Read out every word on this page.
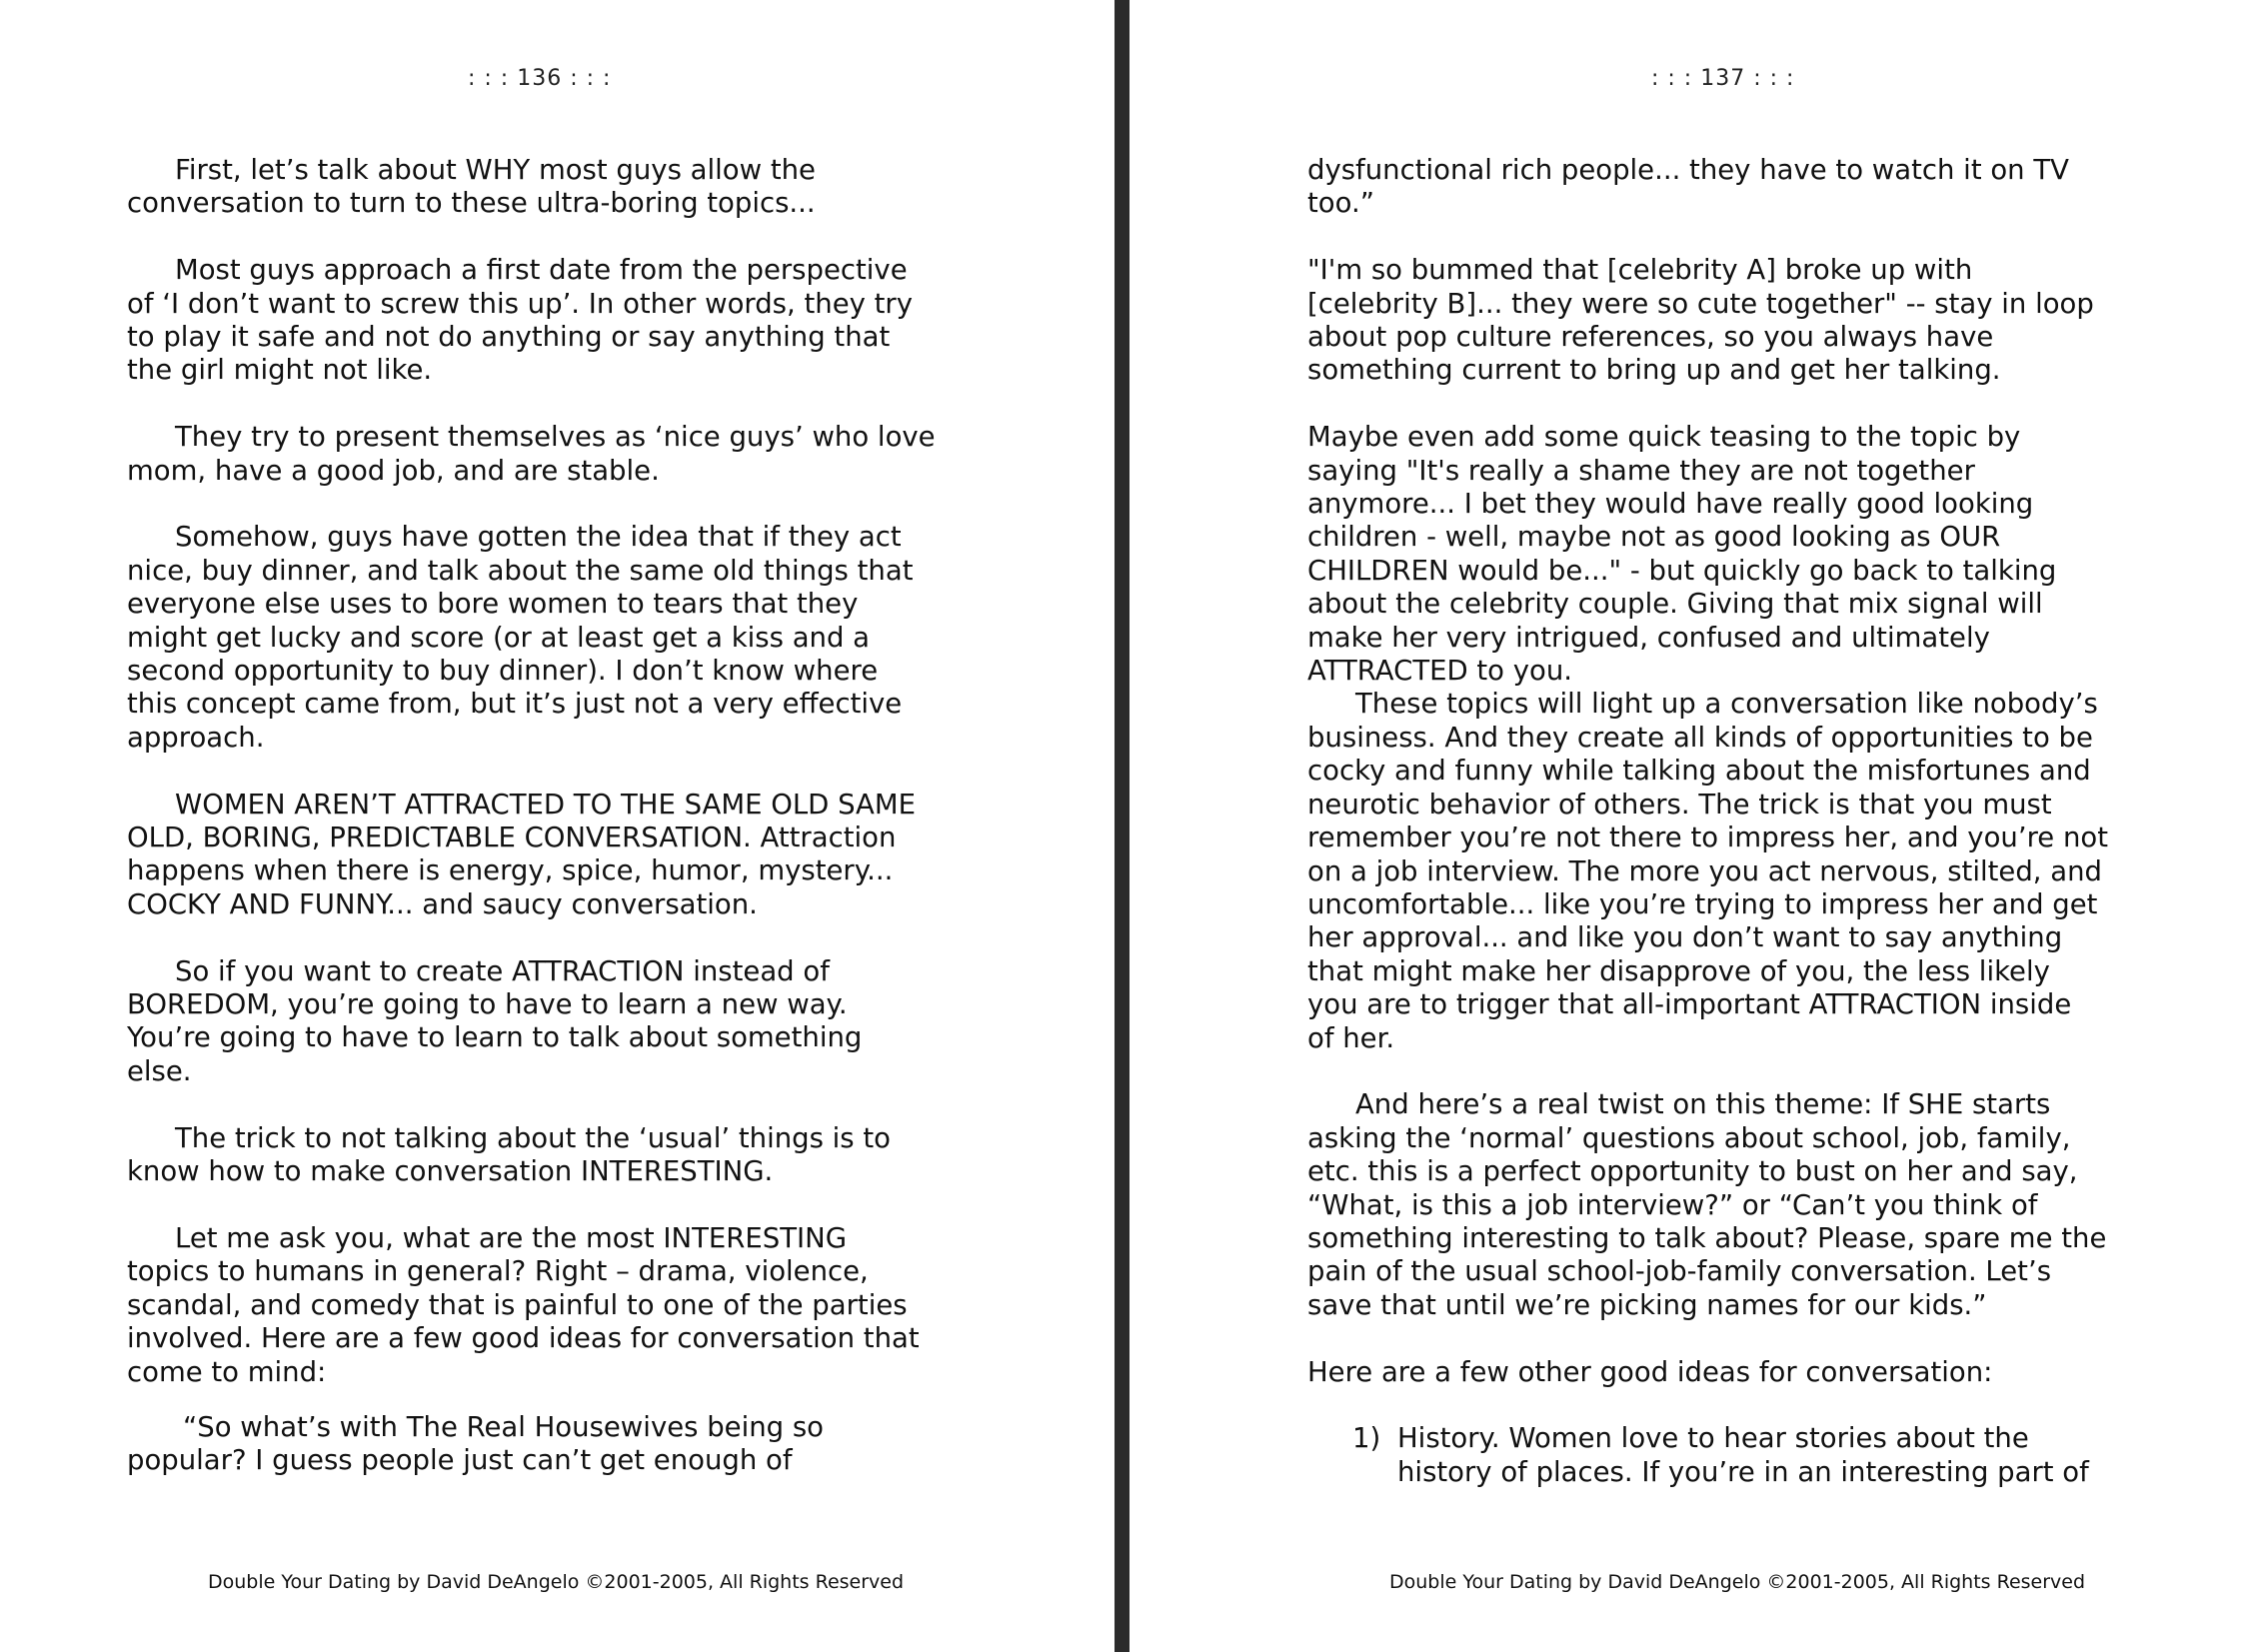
: : : 136 : : :

First, let’s talk about WHY most guys allow the

conversation to turn to these ultra-boring topics...

Most guys approach a first date from the perspective

of ‘I don’t want to screw this up’. In other words, they try

to play it safe and not do anything or say anything that

the girl might not like.

They try to present themselves as ‘nice guys’ who love

mom, have a good job, and are stable.

Somehow, guys have gotten the idea that if they act

nice, buy dinner, and talk about the same old things that

everyone else uses to bore women to tears that they

might get lucky and score (or at least get a kiss and a

second opportunity to buy dinner). I don’t know where

this concept came from, but it’s just not a very effective

approach.

WOMEN AREN’T ATTRACTED TO THE SAME OLD SAME

OLD, BORING, PREDICTABLE CONVERSATION. Attraction

happens when there is energy, spice, humor, mystery...

COCKY AND FUNNY... and saucy conversation.

So if you want to create ATTRACTION instead of

BOREDOM, you’re going to have to learn a new way.

You’re going to have to learn to talk about something

else.

The trick to not talking about the ‘usual’ things is to

know how to make conversation INTERESTING.

Let me ask you, what are the most INTERESTING

topics to humans in general? Right – drama, violence,

scandal, and comedy that is painful to one of the parties

involved. Here are a few good ideas for conversation that

come to mind:

“So what’s with The Real Housewives being so

popular? I guess people just can’t get enough of

Double Your Dating by David DeAngelo ©2001-2005, All Rights Reserved
: : : 137 : : :

dysfunctional rich people... they have to watch it on TV

too.”

"I'm so bummed that [celebrity A] broke up with

[celebrity B]... they were so cute together" -- stay in loop

about pop culture references, so you always have

something current to bring up and get her talking.

Maybe even add some quick teasing to the topic by

saying "It's really a shame they are not together

anymore... I bet they would have really good looking

children - well, maybe not as good looking as OUR

CHILDREN would be..." - but quickly go back to talking

about the celebrity couple. Giving that mix signal will

make her very intrigued, confused and ultimately

ATTRACTED to you.

These topics will light up a conversation like nobody’s

business. And they create all kinds of opportunities to be

cocky and funny while talking about the misfortunes and

neurotic behavior of others. The trick is that you must

remember you’re not there to impress her, and you’re not

on a job interview. The more you act nervous, stilted, and

uncomfortable... like you’re trying to impress her and get

her approval... and like you don’t want to say anything

that might make her disapprove of you, the less likely

you are to trigger that all-important ATTRACTION inside

of her.

And here’s a real twist on this theme: If SHE starts

asking the ‘normal’ questions about school, job, family,

etc. this is a perfect opportunity to bust on her and say,

“What, is this a job interview?” or “Can’t you think of

something interesting to talk about? Please, spare me the

pain of the usual school-job-family conversation. Let’s

save that until we’re picking names for our kids.”

Here are a few other good ideas for conversation:

1) History. Women love to hear stories about the

history of places. If you’re in an interesting part of

Double Your Dating by David DeAngelo ©2001-2005, All Rights Reserved
